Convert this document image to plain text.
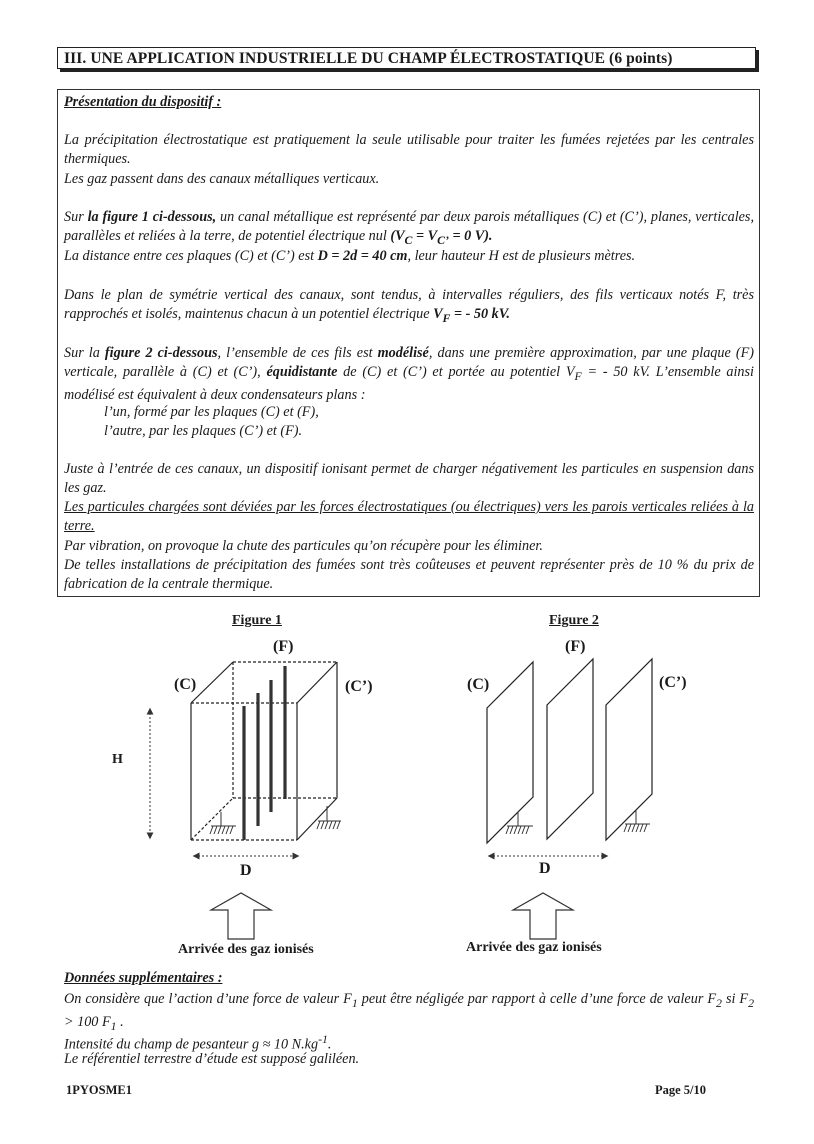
III. UNE APPLICATION INDUSTRIELLE DU CHAMP ÉLECTROSTATIQUE (6 points)
Présentation du dispositif :
La précipitation électrostatique est pratiquement la seule utilisable pour traiter les fumées rejetées par les centrales thermiques.
Les gaz passent dans des canaux métalliques verticaux.
Sur la figure 1 ci-dessous, un canal métallique est représenté par deux parois métalliques (C) et (C’), planes, verticales, parallèles et reliées à la terre, de potentiel électrique nul ($V_C = V_{C’} = 0$ V).
La distance entre ces plaques (C) et (C’) est D = 2d = 40 cm, leur hauteur H est de plusieurs mètres.
Dans le plan de symétrie vertical des canaux, sont tendus, à intervalles réguliers, des fils verticaux notés F, très rapprochés et isolés, maintenus chacun à un potentiel électrique $V_F$ = - 50 kV.
Sur la figure 2 ci-dessous, l’ensemble de ces fils est modélisé, dans une première approximation, par une plaque (F) verticale, parallèle à (C) et (C’), équidistante de (C) et (C’) et portée au potentiel $V_F$ = - 50 kV. L’ensemble ainsi modélisé est équivalent à deux condensateurs plans :
l’un, formé par les plaques (C) et (F),
l’autre, par les plaques (C’) et (F).
Juste à l’entrée de ces canaux, un dispositif ionisant permet de charger négativement les particules en suspension dans les gaz.
Les particules chargées sont déviées par les forces électrostatiques (ou électriques) vers les parois verticales reliées à la terre.
Par vibration, on provoque la chute des particules qu’on récupère pour les éliminer.
De telles installations de précipitation des fumées sont très coûteuses et peuvent représenter près de 10 % du prix de fabrication de la centrale thermique.
Figure 1
(F)
(C)	(C’)
H
D
Arrivée des gaz ionisés
Figure 2
(F)
(C)	(C’)
D
Arrivée des gaz ionisés
Données supplémentaires :
On considère que l’action d’une force de valeur $F_1$ peut être négligée par rapport à celle d’une force de valeur $F_2$ si $F_2 > 100$ $F_1$ .
Intensité du champ de pesanteur g ≈ 10 $N.kg^{-1}$.
Le référentiel terrestre d’étude est supposé galiléen.
1PYOSME1	Page 5/10
